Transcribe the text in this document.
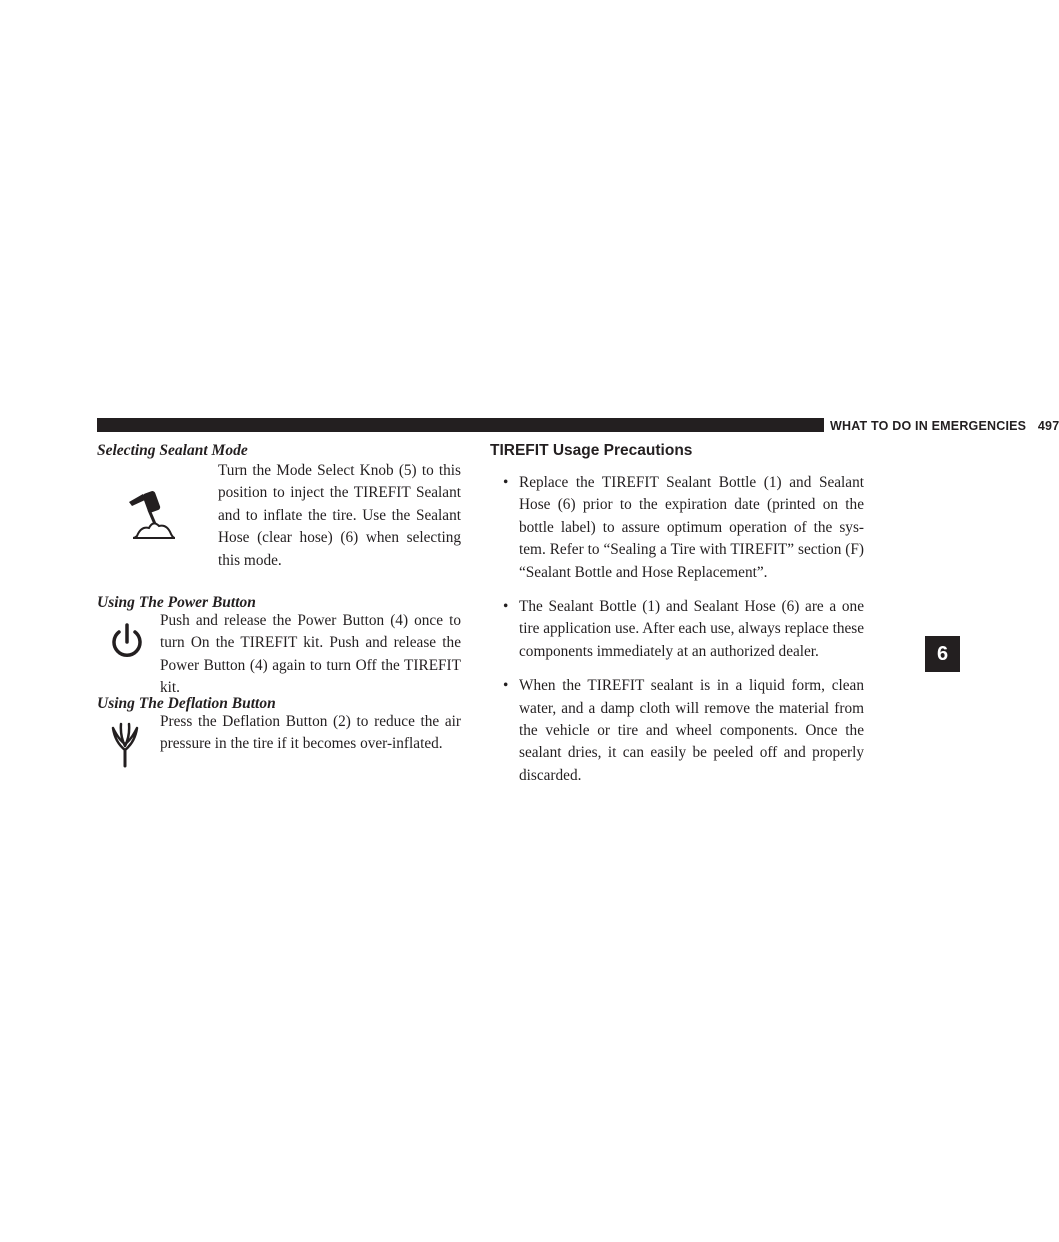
WHAT TO DO IN EMERGENCIES 497
6
Selecting Sealant Mode
Turn the Mode Select Knob (5) to this position to inject the TIREFIT Sealant and to inflate the tire. Use the Sealant Hose (clear hose) (6) when selecting this mode.
Using The Power Button
Push and release the Power Button (4) once to turn On the TIREFIT kit. Push and release the Power Button (4) again to turn Off the TIREFIT kit.
Using The Deflation Button
Press the Deflation Button (2) to reduce the air pressure in the tire if it becomes over-inflated.
TIREFIT Usage Precautions
• Replace the TIREFIT Sealant Bottle (1) and Sealant Hose (6) prior to the expiration date (printed on the bottle label) to assure optimum operation of the sys-tem. Refer to “Sealing a Tire with TIREFIT” section (F) “Sealant Bottle and Hose Replacement”.
• The Sealant Bottle (1) and Sealant Hose (6) are a one tire application use. After each use, always replace these components immediately at an authorized dealer.
• When the TIREFIT sealant is in a liquid form, clean water, and a damp cloth will remove the material from the vehicle or tire and wheel components. Once the sealant dries, it can easily be peeled off and properly discarded.
